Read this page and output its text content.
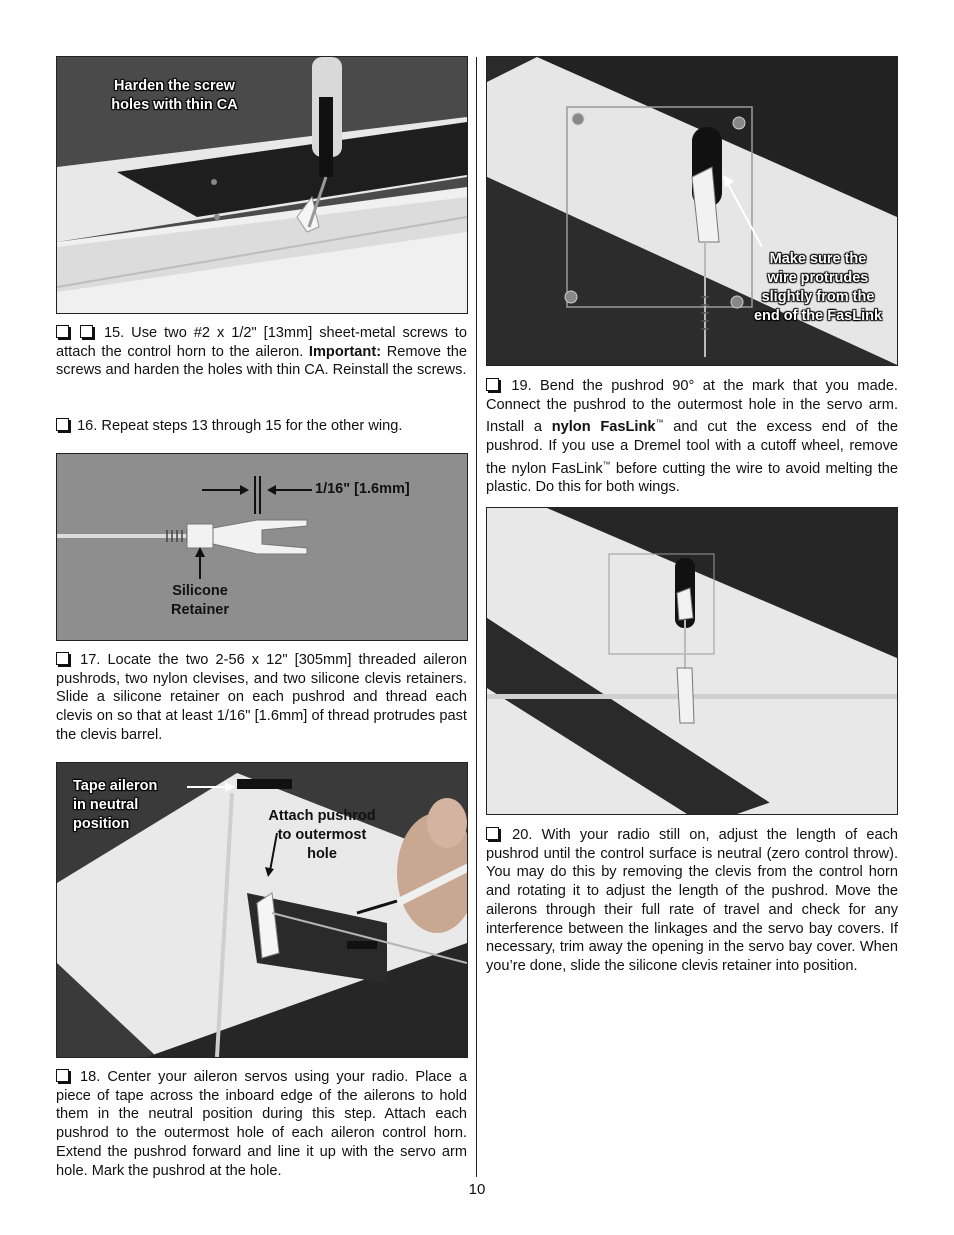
Harden the screw
holes with thin CA
15. Use two #2 x 1/2" [13mm] sheet-metal screws to attach the control horn to the aileron. Important: Remove the screws and harden the holes with thin CA. Reinstall the screws.
16. Repeat steps 13 through 15 for the other wing.
1/16" [1.6mm]
Silicone
Retainer
17. Locate the two 2-56 x 12" [305mm] threaded aileron pushrods, two nylon clevises, and two silicone clevis retainers. Slide a silicone retainer on each pushrod and thread each clevis on so that at least 1/16" [1.6mm] of thread protrudes past the clevis barrel.
Tape aileron
in neutral
position	Attach pushrod
to outermost
hole
18. Center your aileron servos using your radio. Place a piece of tape across the inboard edge of the ailerons to hold them in the neutral position during this step. Attach each pushrod to the outermost hole of each aileron control horn. Extend the pushrod forward and line it up with the servo arm hole. Mark the pushrod at the hole.
Make sure the
wire protrudes
slightly from the
end of the FasLink
19. Bend the pushrod 90° at the mark that you made. Connect the pushrod to the outermost hole in the servo arm. Install a nylon FasLink™ and cut the excess end of the pushrod. If you use a Dremel tool with a cutoff wheel, remove the nylon FasLink™ before cutting the wire to avoid melting the plastic. Do this for both wings.
20. With your radio still on, adjust the length of each pushrod until the control surface is neutral (zero control throw). You may do this by removing the clevis from the control horn and rotating it to adjust the length of the pushrod. Move the ailerons through their full rate of travel and check for any interference between the linkages and the servo bay covers. If necessary, trim away the opening in the servo bay cover. When you’re done, slide the silicone clevis retainer into position.
10
